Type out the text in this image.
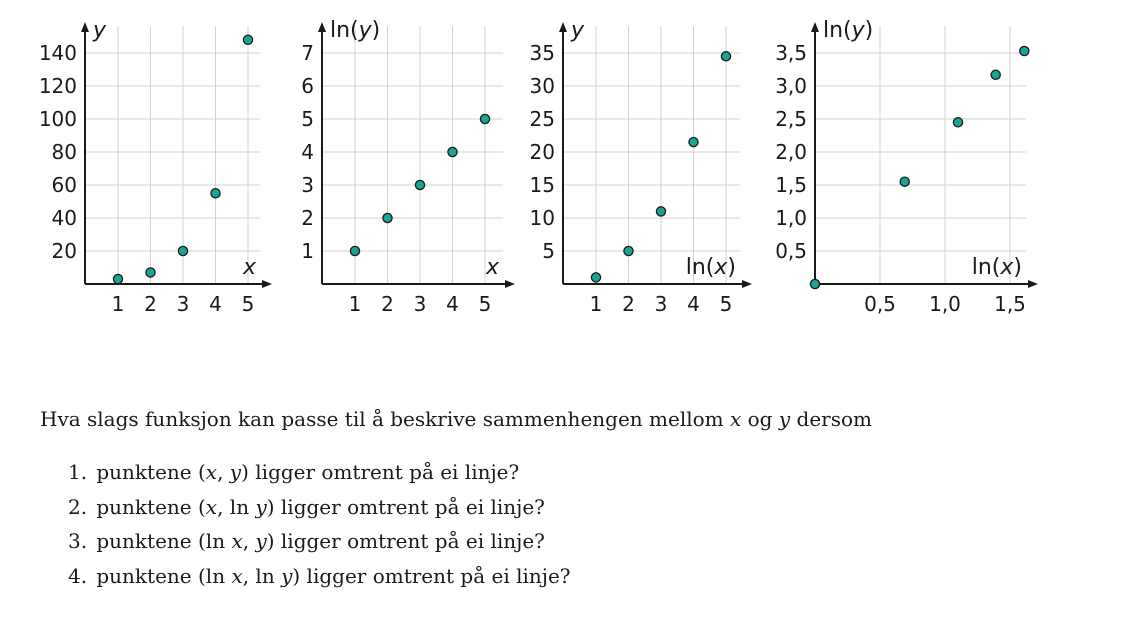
1 2 3 4 5
20
40
60
80
100
120
140
y
x
1 2 3 4 5
1
2
3
4
5
6
7
ln(y)
x
1 2 3 4 5
5
10
15
20
25
30
35
y
ln(x)
0,5 1,0 1,5
0,5
1,0
1,5
2,0
2,5
3,0
3,5
ln(y)
ln(x)

Hva slags funksjon kan passe til å beskrive sammenhengen mellom x og y dersom

1. punktene (x, y) ligger omtrent på ei linje?
2. punktene (x, ln y) ligger omtrent på ei linje?
3. punktene (ln x, y) ligger omtrent på ei linje?
4. punktene (ln x, ln y) ligger omtrent på ei linje?
